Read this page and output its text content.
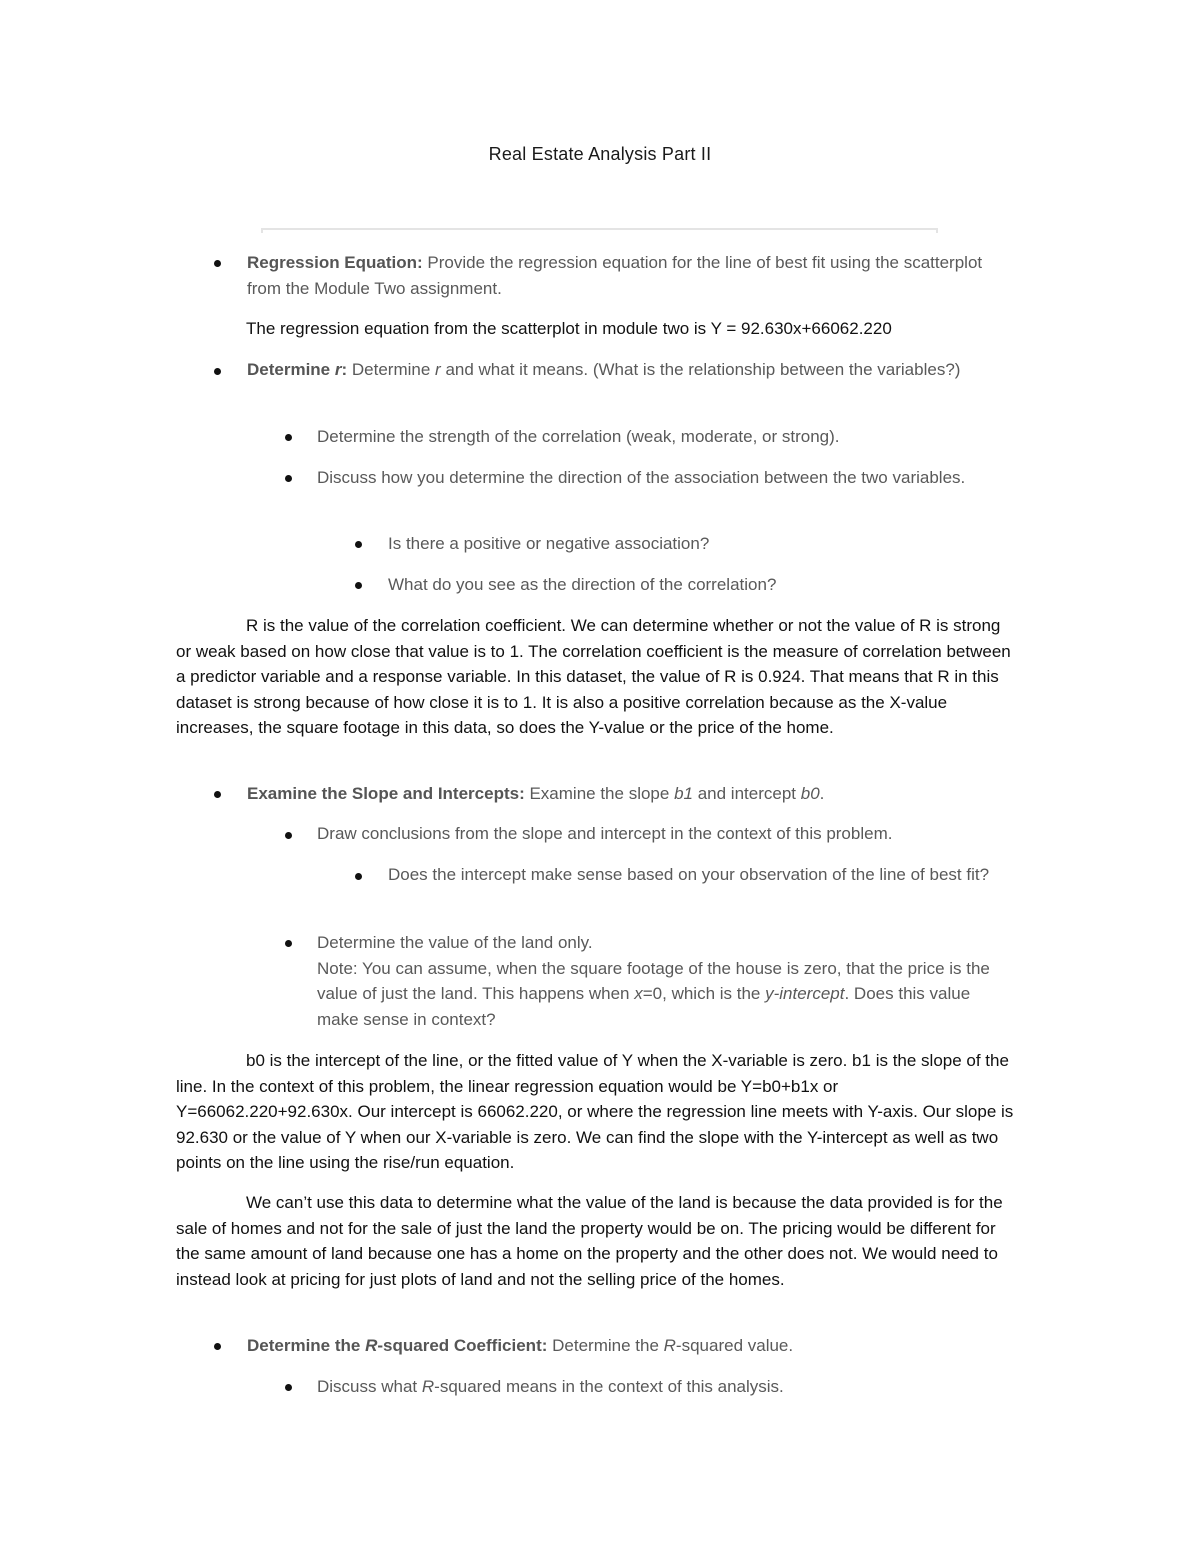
Real Estate Analysis Part II
Regression Equation: Provide the regression equation for the line of best fit using the scatterplot from the Module Two assignment.
The regression equation from the scatterplot in module two is Y = 92.630x+66062.220
Determine r: Determine r and what it means. (What is the relationship between the variables?)
Determine the strength of the correlation (weak, moderate, or strong).
Discuss how you determine the direction of the association between the two variables.
Is there a positive or negative association?
What do you see as the direction of the correlation?
R is the value of the correlation coefficient. We can determine whether or not the value of R is strong or weak based on how close that value is to 1. The correlation coefficient is the measure of correlation between a predictor variable and a response variable. In this dataset, the value of R is 0.924. That means that R in this dataset is strong because of how close it is to 1. It is also a positive correlation because as the X-value increases, the square footage in this data, so does the Y-value or the price of the home.
Examine the Slope and Intercepts: Examine the slope b1 and intercept b0.
Draw conclusions from the slope and intercept in the context of this problem.
Does the intercept make sense based on your observation of the line of best fit?
Determine the value of the land only.
Note: You can assume, when the square footage of the house is zero, that the price is the value of just the land. This happens when x=0, which is the y-intercept. Does this value make sense in context?
b0 is the intercept of the line, or the fitted value of Y when the X-variable is zero. b1 is the slope of the line. In the context of this problem, the linear regression equation would be Y=b0+b1x or Y=66062.220+92.630x. Our intercept is 66062.220, or where the regression line meets with Y-axis. Our slope is 92.630 or the value of Y when our X-variable is zero. We can find the slope with the Y-intercept as well as two points on the line using the rise/run equation.
We can’t use this data to determine what the value of the land is because the data provided is for the sale of homes and not for the sale of just the land the property would be on. The pricing would be different for the same amount of land because one has a home on the property and the other does not. We would need to instead look at pricing for just plots of land and not the selling price of the homes.
Determine the R-squared Coefficient: Determine the R-squared value.
Discuss what R-squared means in the context of this analysis.
